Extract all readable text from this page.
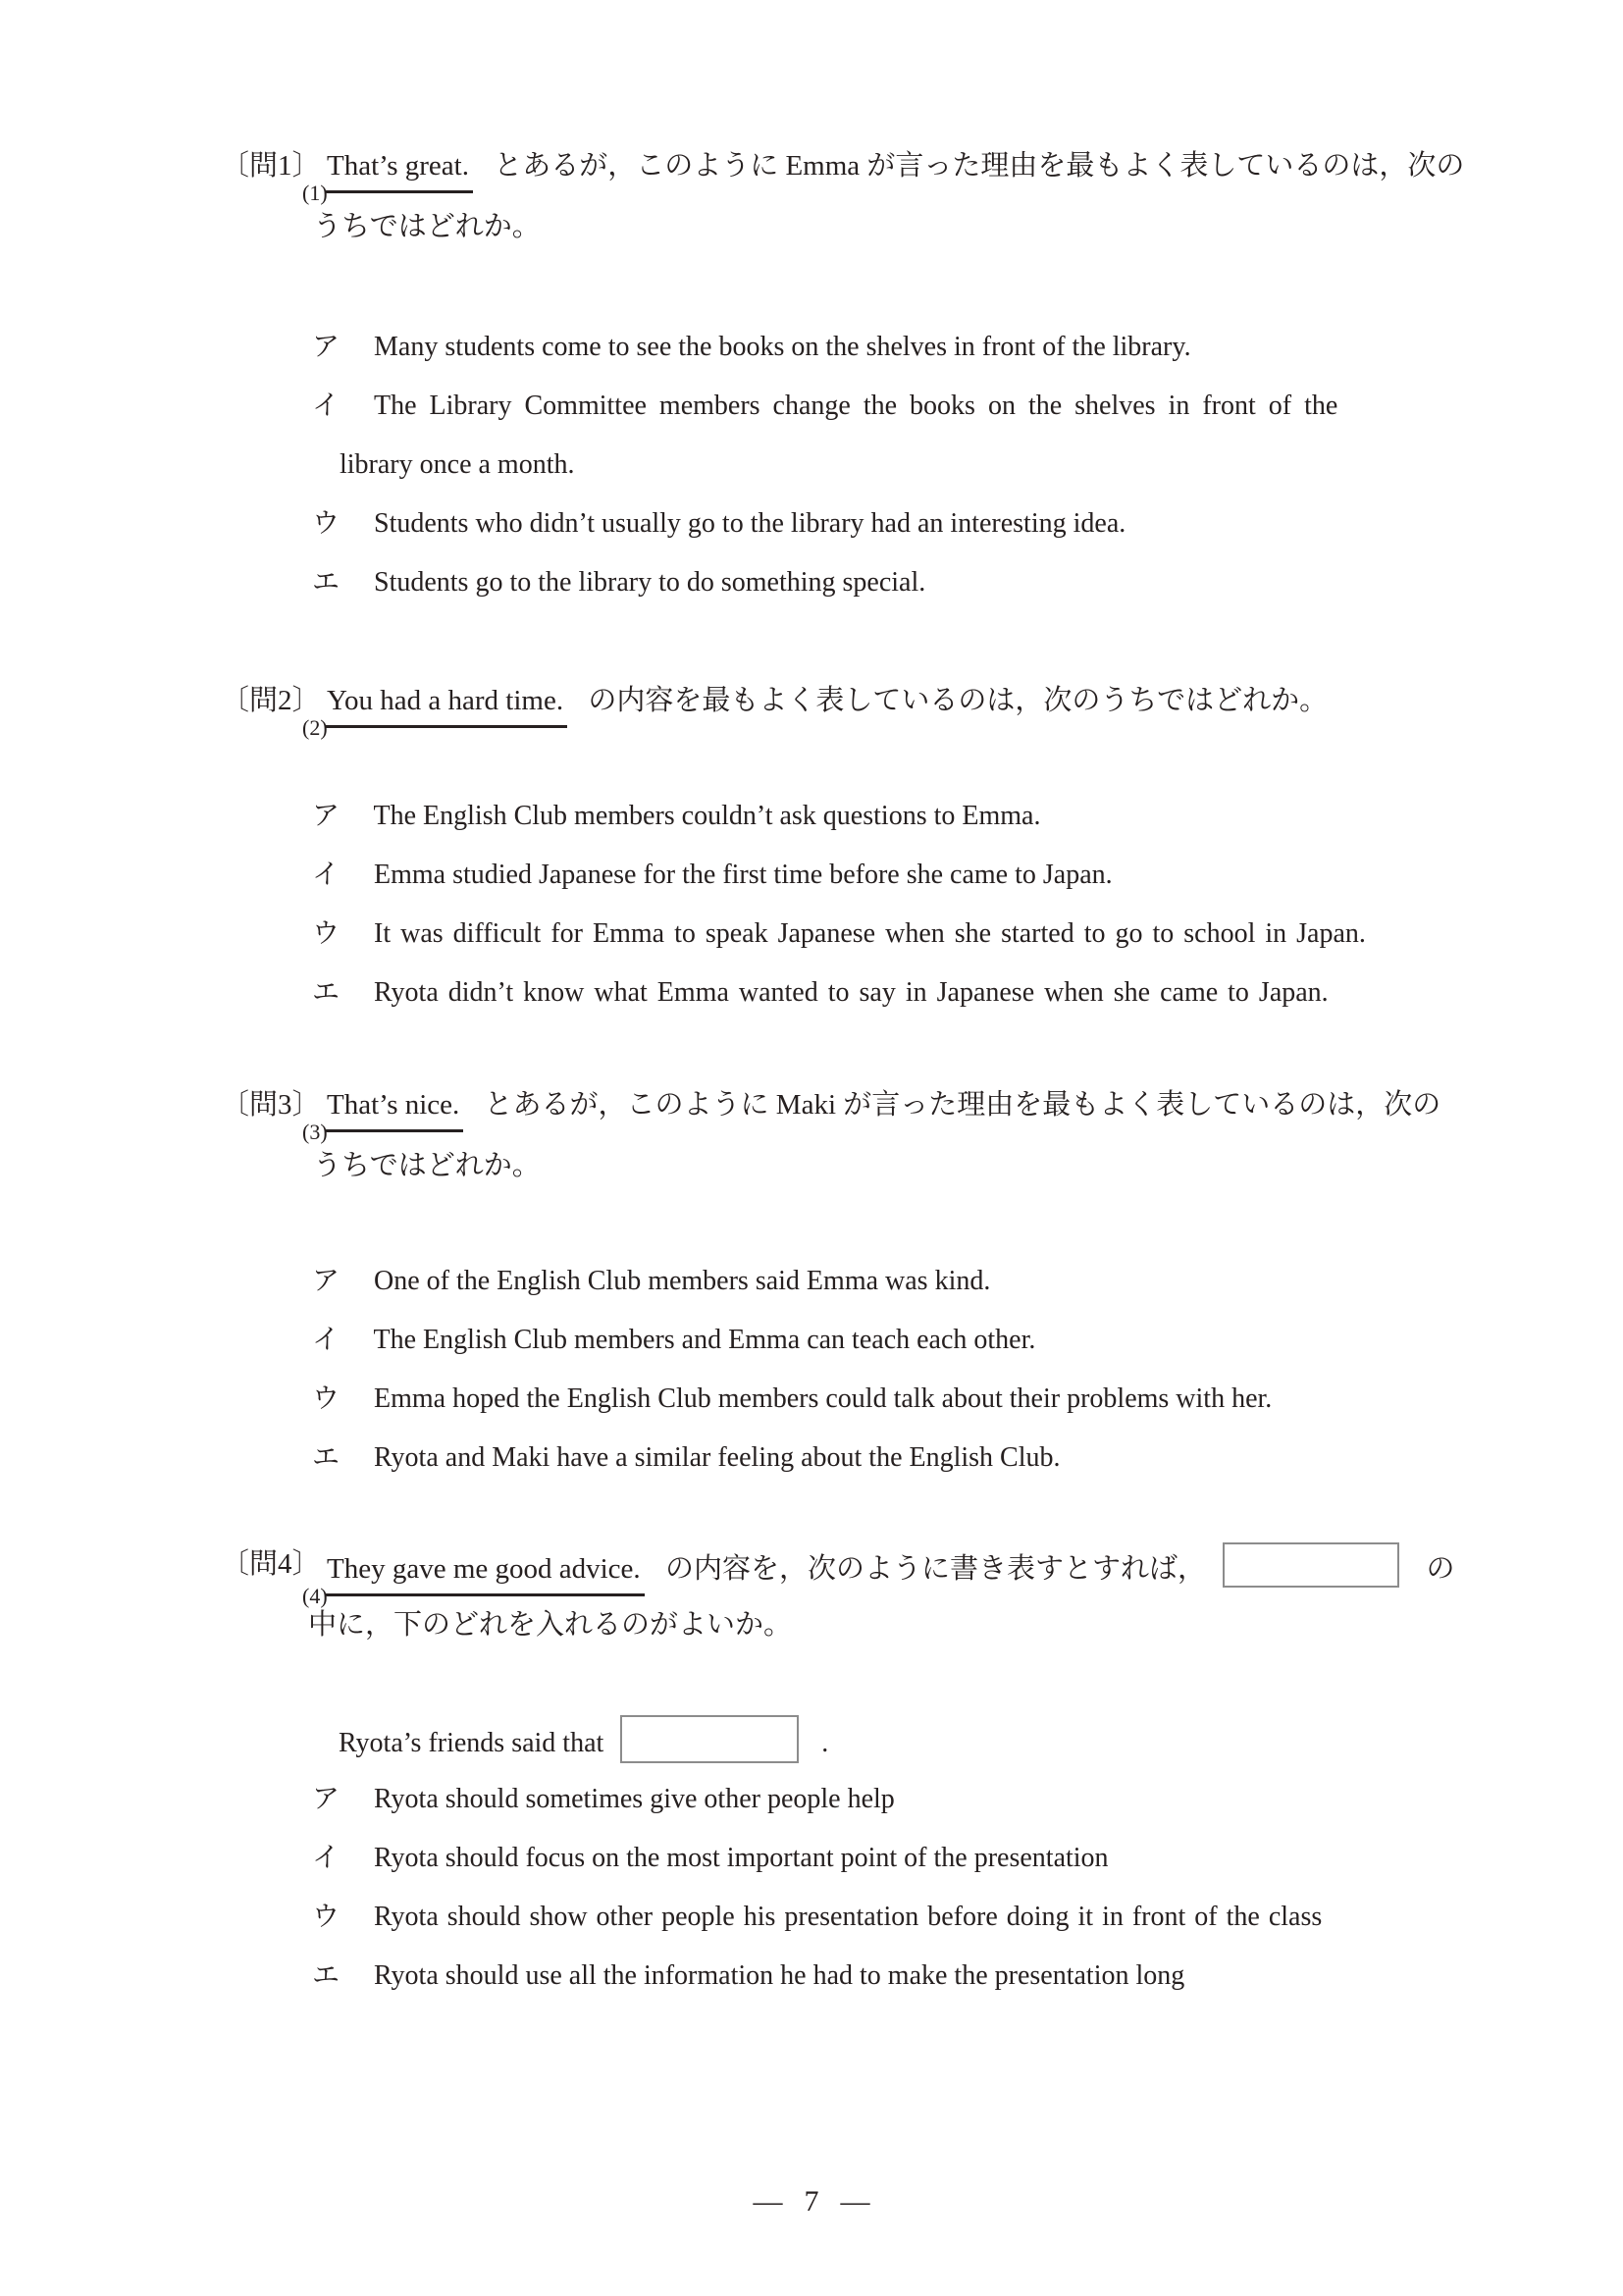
〔問1〕 That’s great.
(1)
とあるが，このように Emma が言った理由を最もよく表しているのは，次の
うちではどれか。
ア Many students come to see the books on the shelves in front of the library.
イ The Library Committee members change the books on the shelves in front of the
library once a month.
ウ Students who didn’t usually go to the library had an interesting idea.
エ Students go to the library to do something special.
〔問2〕 You had a hard time.
(2)
の内容を最もよく表しているのは，次のうちではどれか。
ア The English Club members couldn’t ask questions to Emma.
イ Emma studied Japanese for the first time before she came to Japan.
ウ It was difficult for Emma to speak Japanese when she started to go to school in Japan.
エ Ryota didn’t know what Emma wanted to say in Japanese when she came to Japan.
〔問3〕 That’s nice.
(3)
とあるが，このように Maki が言った理由を最もよく表しているのは，次の
うちではどれか。
ア One of the English Club members said Emma was kind.
イ The English Club members and Emma can teach each other.
ウ Emma hoped the English Club members could talk about their problems with her.
エ Ryota and Maki have a similar feeling about the English Club.
〔問4〕 They gave me good advice.
(4)
の内容を，次のように書き表すとすれば，	の
中に，下のどれを入れるのがよいか。
Ryota’s friends said that	.
ア Ryota should sometimes give other people help
イ Ryota should focus on the most important point of the presentation
ウ Ryota should show other people his presentation before doing it in front of the class
エ Ryota should use all the information he had to make the presentation long
— 7 —
